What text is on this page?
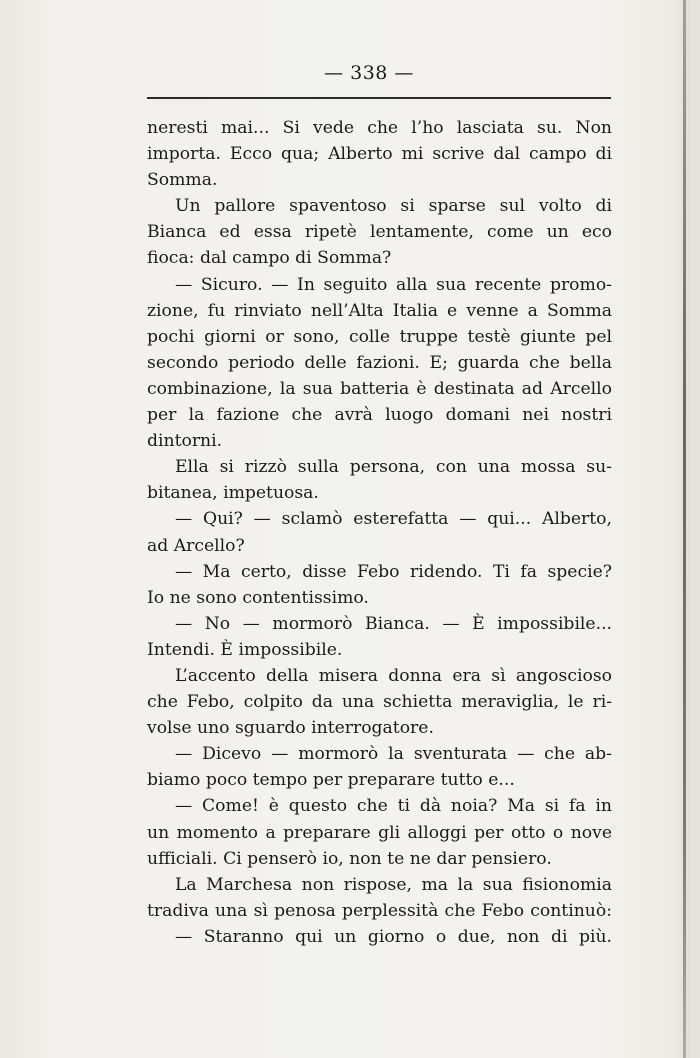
— 338 —
neresti mai... Si vede che l’ho lasciata su. Non
importa. Ecco qua; Alberto mi scrive dal campo di
Somma.
Un pallore spaventoso si sparse sul volto di
Bianca ed essa ripetè lentamente, come un eco
fioca: dal campo di Somma?
— Sicuro. — In seguito alla sua recente promo-
zione, fu rinviato nell’Alta Italia e venne a Somma
pochi giorni or sono, colle truppe testè giunte pel
secondo periodo delle fazioni. E; guarda che bella
combinazione, la sua batteria è destinata ad Arcello
per la fazione che avrà luogo domani nei nostri
dintorni.
Ella si rizzò sulla persona, con una mossa su-
bitanea, impetuosa.
— Qui? — sclamò esterefatta — qui... Alberto,
ad Arcello?
— Ma certo, disse Febo ridendo. Ti fa specie?
Io ne sono contentissimo.
— No — mormorò Bianca. — È impossibile...
Intendi. È impossibile.
L’accento della misera donna era sì angoscioso
che Febo, colpito da una schietta meraviglia, le ri-
volse uno sguardo interrogatore.
— Dicevo — mormorò la sventurata — che ab-
biamo poco tempo per preparare tutto e...
— Come! è questo che ti dà noia? Ma si fa in
un momento a preparare gli alloggi per otto o nove
ufficiali. Ci penserò io, non te ne dar pensiero.
La Marchesa non rispose, ma la sua fisionomia
tradiva una sì penosa perplessità che Febo continuò:
— Staranno qui un giorno o due, non di più.
